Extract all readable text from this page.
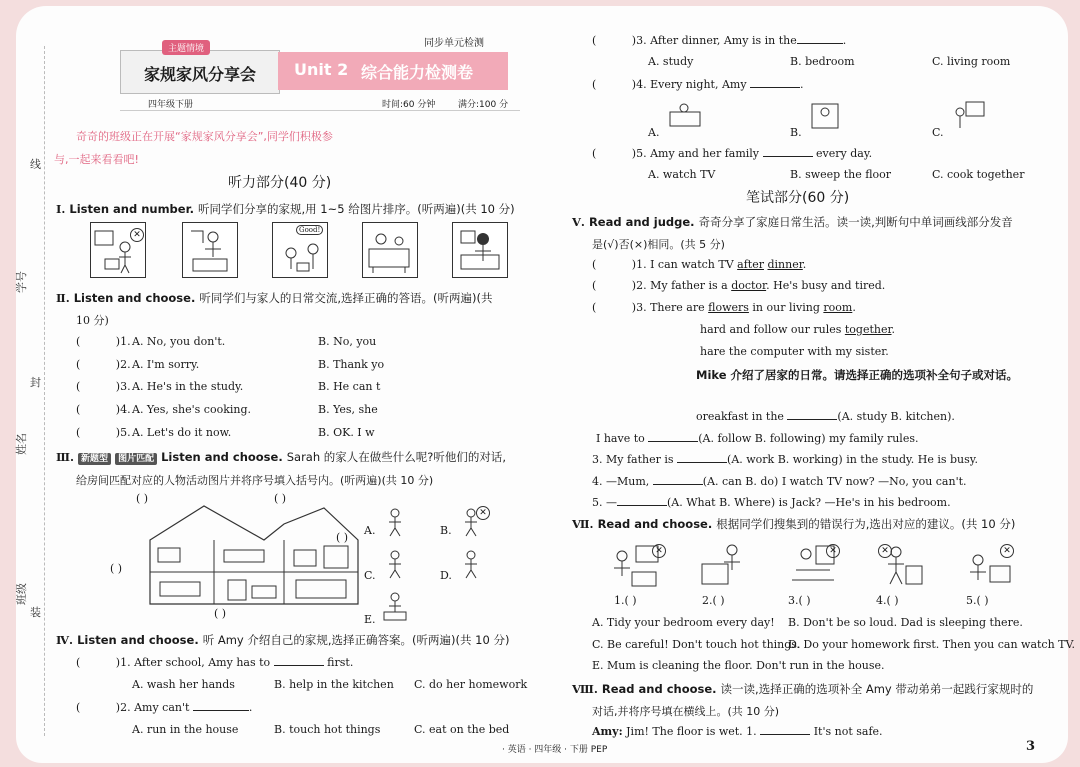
线
学号
封
姓名
班级
装
主题情境
家规家风分享会
四年级下册
同步单元检测
Unit 2 综合能力检测卷
时间:60 分钟	满分:100 分
奇奇的班级正在开展“家规家风分享会”,同学们积极参
与,一起来看看吧!
听力部分(40 分)
Ⅰ. Listen and number. 听同学们分享的家规,用 1~5 给图片排序。(听两遍)(共 10 分)
✕	Good!
Ⅱ. Listen and choose. 听同学们与家人的日常交流,选择正确的答语。(听两遍)(共
10 分)
(	)1. A. No, you don't.	B. No, you
(	)2. A. I'm sorry.	B. Thank yo
(	)3. A. He's in the study.	B. He can t
(	)4. A. Yes, she's cooking.	B. Yes, she
(	)5. A. Let's do it now.	B. OK. I w
Ⅲ. 新题型 图片匹配 Listen and choose. Sarah 的家人在做些什么呢?听他们的对话,
给房间匹配对应的人物活动图片并将序号填入括号内。(听两遍)(共 10 分)
( )	( )
( )
( )
( )
A.	B.
C.	D.
E.
✕
Ⅳ. Listen and choose. 听 Amy 介绍自己的家规,选择正确答案。(听两遍)(共 10 分)
(	)1. After school, Amy has to	first.
A. wash her hands	B. help in the kitchen C. do her homework
(	)2. Amy can't	.
A. run in the house	B. touch hot things	C. eat on the bed
(	)3. After dinner, Amy is in the	.
A. study	B. bedroom	C. living room
(	)4. Every night, Amy	.
A.	B.	C.
(	)5. Amy and her family	every day.
A. watch TV	B. sweep the floor	C. cook together
笔试部分(60 分)
Ⅴ. Read and judge. 奇奇分享了家庭日常生活。读一读,判断句中单词画线部分发音
是(√)否(×)相同。(共 5 分)
(	)1. I can watch TV after dinner.
(	)2. My father is a doctor. He's busy and tired.
(	)3. There are flowers in our living room.
hard and follow our rules together.
hare the computer with my sister.
Mike 介绍了居家的日常。请选择正确的选项补全句子或对话。
oreakfast in the	(A. study B. kitchen).
I have to	(A. follow B. following) my family rules.
3. My father is	(A. work B. working) in the study. He is busy.
4. —Mum,	(A. can B. do) I watch TV now? —No, you can't.
5. —	(A. What B. Where) is Jack? —He's in his bedroom.
Ⅶ. Read and choose. 根据同学们搜集到的错误行为,选出对应的建议。(共 10 分)
✕	✕	✕	✕
1.( )	2.( )	3.( )	4.( )	5.( )
A. Tidy your bedroom every day! B. Don't be so loud. Dad is sleeping there.
C. Be careful! Don't touch hot things.
D. Do your homework first. Then you can watch TV.
E. Mum is cleaning the floor. Don't run in the house.
Ⅷ. Read and choose. 读一读,选择正确的选项补全 Amy 带动弟弟一起践行家规时的
对话,并将序号填在横线上。(共 10 分)
Amy: Jim! The floor is wet. 1.	It's not safe.
· 英语 · 四年级 · 下册 PEP	3
